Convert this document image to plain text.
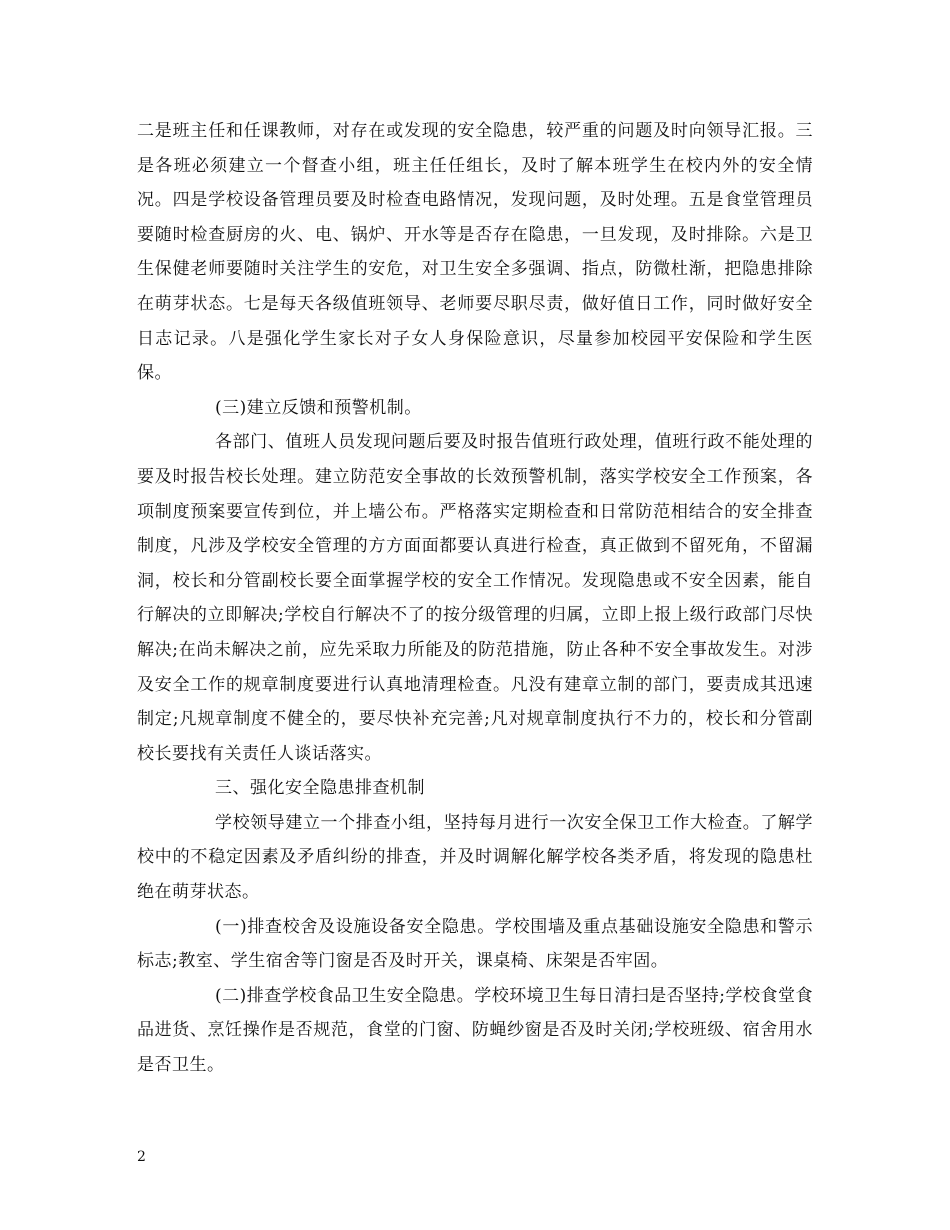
二是班主任和任课教师，对存在或发现的安全隐患，较严重的问题及时向领导汇报。三是各班必须建立一个督查小组，班主任任组长，及时了解本班学生在校内外的安全情况。四是学校设备管理员要及时检查电路情况，发现问题，及时处理。五是食堂管理员要随时检查厨房的火、电、锅炉、开水等是否存在隐患，一旦发现，及时排除。六是卫生保健老师要随时关注学生的安危，对卫生安全多强调、指点，防微杜渐，把隐患排除在萌芽状态。七是每天各级值班领导、老师要尽职尽责，做好值日工作，同时做好安全日志记录。八是强化学生家长对子女人身保险意识，尽量参加校园平安保险和学生医保。

(三)建立反馈和预警机制。

各部门、值班人员发现问题后要及时报告值班行政处理，值班行政不能处理的要及时报告校长处理。建立防范安全事故的长效预警机制，落实学校安全工作预案，各项制度预案要宣传到位，并上墙公布。严格落实定期检查和日常防范相结合的安全排查制度，凡涉及学校安全管理的方方面面都要认真进行检查，真正做到不留死角，不留漏洞，校长和分管副校长要全面掌握学校的安全工作情况。发现隐患或不安全因素，能自行解决的立即解决;学校自行解决不了的按分级管理的归属，立即上报上级行政部门尽快解决;在尚未解决之前，应先采取力所能及的防范措施，防止各种不安全事故发生。对涉及安全工作的规章制度要进行认真地清理检查。凡没有建章立制的部门，要责成其迅速制定;凡规章制度不健全的，要尽快补充完善;凡对规章制度执行不力的，校长和分管副校长要找有关责任人谈话落实。

三、强化安全隐患排查机制

学校领导建立一个排查小组，坚持每月进行一次安全保卫工作大检查。了解学校中的不稳定因素及矛盾纠纷的排查，并及时调解化解学校各类矛盾，将发现的隐患杜绝在萌芽状态。

(一)排查校舍及设施设备安全隐患。学校围墙及重点基础设施安全隐患和警示标志;教室、学生宿舍等门窗是否及时开关，课桌椅、床架是否牢固。

(二)排查学校食品卫生安全隐患。学校环境卫生每日清扫是否坚持;学校食堂食品进货、烹饪操作是否规范，食堂的门窗、防蝇纱窗是否及时关闭;学校班级、宿舍用水是否卫生。

2
